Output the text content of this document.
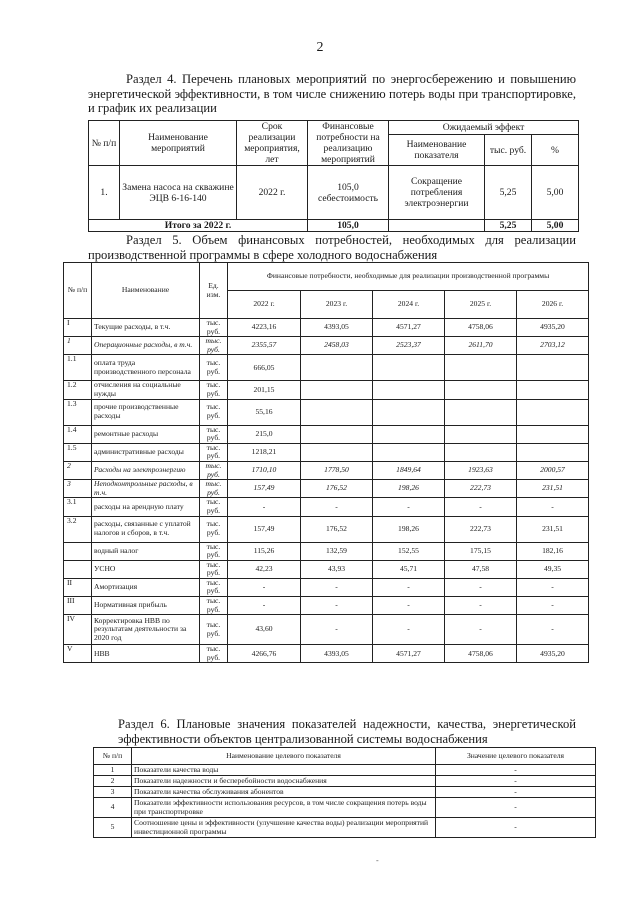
2
Раздел 4. Перечень плановых мероприятий по энергосбережению и повышению энергетической эффективности, в том числе снижению потерь воды при транспортировке, и график их реализации
№ п/п	Наименование мероприятий	Срок реализации мероприятия, лет	Финансовые потребности на реализацию мероприятий	Ожидаемый эффект		
				Наименование показателя	тыс. руб.	%
1.	Замена насоса на скважине ЭЦВ 6-16-140	2022 г.	105,0 себестоимость	Сокращение потребления электроэнергии	5,25	5,00
Итого за 2022 г.			105,0		5,25	5,00
Раздел 5. Объем финансовых потребностей, необходимых для реализации производственной программы в сфере холодного водоснабжения
№ п/п	Наименование	Ед. изм.	Финансовые потребности, необходимые для реализации производственной программы				
			2022 г.	2023 г.	2024 г.	2025 г.	2026 г.
I	Текущие расходы, в т.ч.	тыс. руб.	4223,16	4393,05	4571,27	4758,06	4935,20
1	Операционные расходы, в т.ч.	тыс. руб.	2355,57	2458,03	2523,37	2611,70	2703,12
1.1	оплата труда производственного персонала	тыс. руб.	666,05				
1.2	отчисления на социальные нужды	тыс. руб.	201,15				
1.3	прочие производственные расходы	тыс. руб.	55,16				
1.4	ремонтные расходы	тыс. руб.	215,0				
1.5	административные расходы	тыс. руб.	1218,21				
2	Расходы на электроэнергию	тыс. руб.	1710,10	1778,50	1849,64	1923,63	2000,57
3	Неподконтрольные расходы, в т.ч.	тыс. руб.	157,49	176,52	198,26	222,73	231,51
3.1	расходы на арендную плату	тыс. руб.	-	-	-	-	-
3.2	расходы, связанные с уплатой налогов и сборов, в т.ч.	тыс. руб.	157,49	176,52	198,26	222,73	231,51
	водный налог	тыс. руб.	115,26	132,59	152,55	175,15	182,16
	УСНО	тыс. руб.	42,23	43,93	45,71	47,58	49,35
II	Амортизация	тыс. руб.	-	-	-	-	-
III	Нормативная прибыль	тыс. руб.	-	-	-	-	-
IV	Корректировка НВВ по результатам деятельности за 2020 год	тыс. руб.	43,60	-	-	-	-
V	НВВ	тыс. руб.	4266,76	4393,05	4571,27	4758,06	4935,20
Раздел 6. Плановые значения показателей надежности, качества, энергетической эффективности объектов централизованной системы водоснабжения
№ п/п	Наименование целевого показателя	Значение целевого показателя
1	Показатели качества воды	-
2	Показатели надежности и бесперебойности водоснабжения	-
3	Показатели качества обслуживания абонентов	-
4	Показатели эффективности использования ресурсов, в том числе сокращения потерь воды при транспортировке	-
5	Соотношение цены и эффективности (улучшение качества воды) реализации мероприятий инвестиционной программы	-
-
